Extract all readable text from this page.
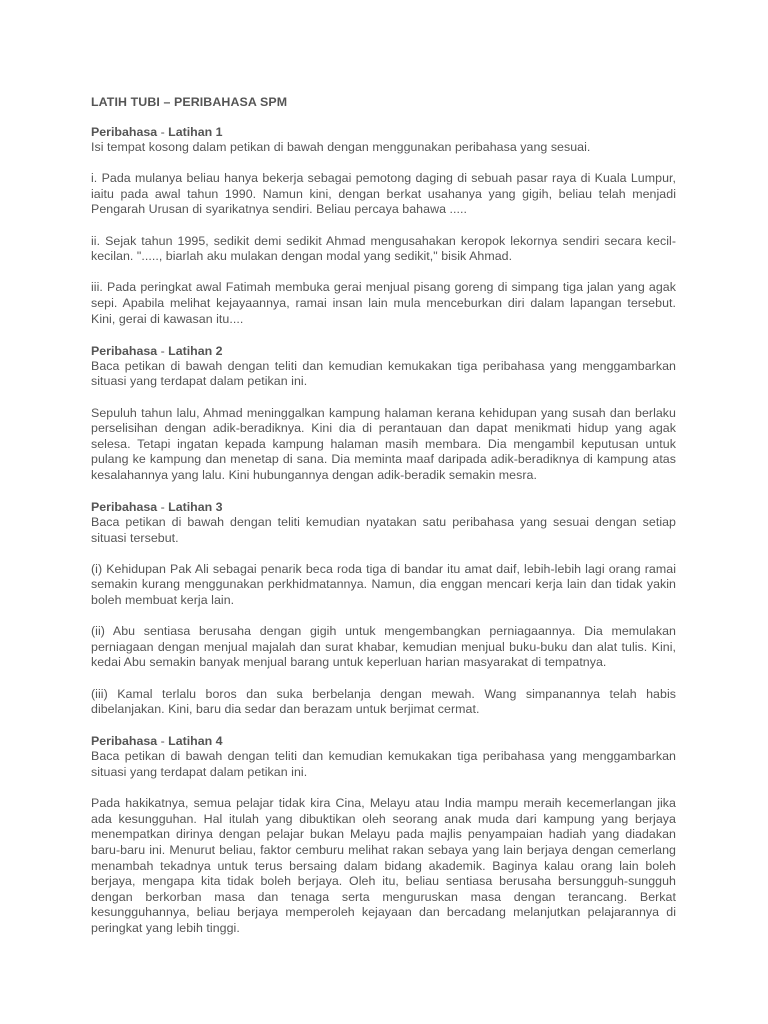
LATIH TUBI – PERIBAHASA SPM
Peribahasa - Latihan 1

Isi tempat kosong dalam petikan di bawah dengan menggunakan peribahasa yang sesuai.

i. Pada mulanya beliau hanya bekerja sebagai pemotong daging di sebuah pasar raya di Kuala Lumpur, iaitu pada awal tahun 1990. Namun kini, dengan berkat usahanya yang gigih, beliau telah menjadi Pengarah Urusan di syarikatnya sendiri. Beliau percaya bahawa .....

ii. Sejak tahun 1995, sedikit demi sedikit Ahmad mengusahakan keropok lekornya sendiri secara kecil-kecilan. "....., biarlah aku mulakan dengan modal yang sedikit," bisik Ahmad.

iii. Pada peringkat awal Fatimah membuka gerai menjual pisang goreng di simpang tiga jalan yang agak sepi. Apabila melihat kejayaannya, ramai insan lain mula menceburkan diri dalam lapangan tersebut. Kini, gerai di kawasan itu....

Peribahasa - Latihan 2

Baca petikan di bawah dengan teliti dan kemudian kemukakan tiga peribahasa yang menggambarkan situasi yang terdapat dalam petikan ini.

Sepuluh tahun lalu, Ahmad meninggalkan kampung halaman kerana kehidupan yang susah dan berlaku perselisihan dengan adik-beradiknya. Kini dia di perantauan dan dapat menikmati hidup yang agak selesa. Tetapi ingatan kepada kampung halaman masih membara. Dia mengambil keputusan untuk pulang ke kampung dan menetap di sana. Dia meminta maaf daripada adik-beradiknya di kampung atas kesalahannya yang lalu. Kini hubungannya dengan adik-beradik semakin mesra.

Peribahasa - Latihan 3

Baca petikan di bawah dengan teliti kemudian nyatakan satu peribahasa yang sesuai dengan setiap situasi tersebut.

(i) Kehidupan Pak Ali sebagai penarik beca roda tiga di bandar itu amat daif, lebih-lebih lagi orang ramai semakin kurang menggunakan perkhidmatannya. Namun, dia enggan mencari kerja lain dan tidak yakin boleh membuat kerja lain.

(ii) Abu sentiasa berusaha dengan gigih untuk mengembangkan perniagaannya. Dia memulakan perniagaan dengan menjual majalah dan surat khabar, kemudian menjual buku-buku dan alat tulis. Kini, kedai Abu semakin banyak menjual barang untuk keperluan harian masyarakat di tempatnya.

(iii) Kamal terlalu boros dan suka berbelanja dengan mewah. Wang simpanannya telah habis dibelanjakan. Kini, baru dia sedar dan berazam untuk berjimat cermat.

Peribahasa - Latihan 4

Baca petikan di bawah dengan teliti dan kemudian kemukakan tiga peribahasa yang menggambarkan situasi yang terdapat dalam petikan ini.

Pada hakikatnya, semua pelajar tidak kira Cina, Melayu atau India mampu meraih kecemerlangan jika ada kesungguhan. Hal itulah yang dibuktikan oleh seorang anak muda dari kampung yang berjaya menempatkan dirinya dengan pelajar bukan Melayu pada majlis penyampaian hadiah yang diadakan baru-baru ini. Menurut beliau, faktor cemburu melihat rakan sebaya yang lain berjaya dengan cemerlang menambah tekadnya untuk terus bersaing dalam bidang akademik. Baginya kalau orang lain boleh berjaya, mengapa kita tidak boleh berjaya. Oleh itu, beliau sentiasa berusaha bersungguh-sungguh dengan berkorban masa dan tenaga serta menguruskan masa dengan terancang. Berkat kesungguhannya, beliau berjaya memperoleh kejayaan dan bercadang melanjutkan pelajarannya di peringkat yang lebih tinggi.
